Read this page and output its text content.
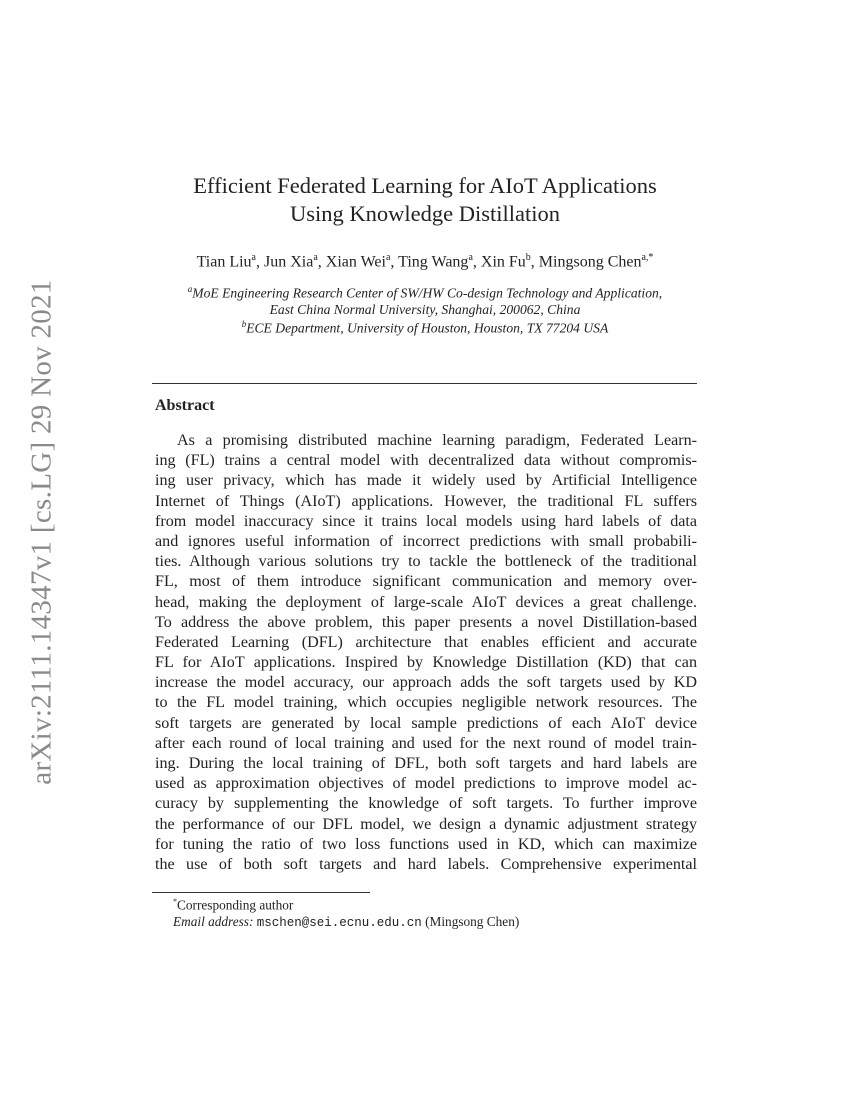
arXiv:2111.14347v1 [cs.LG] 29 Nov 2021
Efficient Federated Learning for AIoT Applications
Using Knowledge Distillation
Tian Liu$^a$, Jun Xia$^a$, Xian Wei$^a$, Ting Wang$^a$, Xin Fu$^b$, Mingsong Chen$^{a,*}$
$^a$MoE Engineering Research Center of SW/HW Co-design Technology and Application,
East China Normal University, Shanghai, 200062, China
$^b$ECE Department, University of Houston, Houston, TX 77204 USA
Abstract
As a promising distributed machine learning paradigm, Federated Learn-
ing (FL) trains a central model with decentralized data without compromis-
ing user privacy, which has made it widely used by Artificial Intelligence
Internet of Things (AIoT) applications. However, the traditional FL suffers
from model inaccuracy since it trains local models using hard labels of data
and ignores useful information of incorrect predictions with small probabili-
ties. Although various solutions try to tackle the bottleneck of the traditional
FL, most of them introduce significant communication and memory over-
head, making the deployment of large-scale AIoT devices a great challenge.
To address the above problem, this paper presents a novel Distillation-based
Federated Learning (DFL) architecture that enables efficient and accurate
FL for AIoT applications. Inspired by Knowledge Distillation (KD) that can
increase the model accuracy, our approach adds the soft targets used by KD
to the FL model training, which occupies negligible network resources. The
soft targets are generated by local sample predictions of each AIoT device
after each round of local training and used for the next round of model train-
ing. During the local training of DFL, both soft targets and hard labels are
used as approximation objectives of model predictions to improve model ac-
curacy by supplementing the knowledge of soft targets. To further improve
the performance of our DFL model, we design a dynamic adjustment strategy
for tuning the ratio of two loss functions used in KD, which can maximize
the use of both soft targets and hard labels. Comprehensive experimental
*Corresponding author
Email address: mschen@sei.ecnu.edu.cn (Mingsong Chen)
